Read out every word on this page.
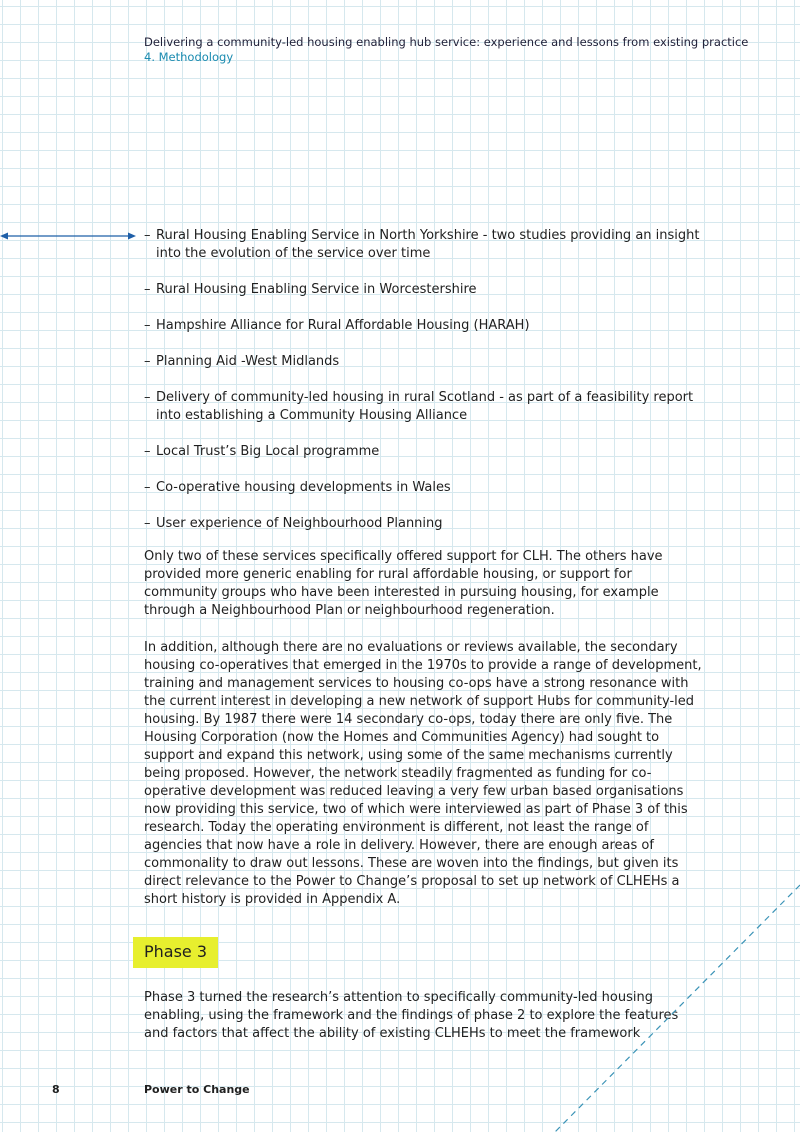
Delivering a community-led housing enabling hub service: experience and lessons from existing practice
4. Methodology
– Rural Housing Enabling Service in North Yorkshire - two studies providing an insight into the evolution of the service over time
– Rural Housing Enabling Service in Worcestershire
– Hampshire Alliance for Rural Affordable Housing (HARAH)
– Planning Aid -West Midlands
– Delivery of community-led housing in rural Scotland - as part of a feasibility report into establishing a Community Housing Alliance
– Local Trust’s Big Local programme
– Co-operative housing developments in Wales
– User experience of Neighbourhood Planning

Only two of these services specifically offered support for CLH. The others have provided more generic enabling for rural affordable housing, or support for community groups who have been interested in pursuing housing, for example through a Neighbourhood Plan or neighbourhood regeneration.

In addition, although there are no evaluations or reviews available, the secondary housing co-operatives that emerged in the 1970s to provide a range of development, training and management services to housing co-ops have a strong resonance with the current interest in developing a new network of support Hubs for community-led housing. By 1987 there were 14 secondary co-ops, today there are only five. The Housing Corporation (now the Homes and Communities Agency) had sought to support and expand this network, using some of the same mechanisms currently being proposed. However, the network steadily fragmented as funding for co-operative development was reduced leaving a very few urban based organisations now providing this service, two of which were interviewed as part of Phase 3 of this research. Today the operating environment is different, not least the range of agencies that now have a role in delivery. However, there are enough areas of commonality to draw out lessons. These are woven into the findings, but given its direct relevance to the Power to Change’s proposal to set up network of CLHEHs a short history is provided in Appendix A.

Phase 3

Phase 3 turned the research’s attention to specifically community-led housing enabling, using the framework and the findings of phase 2 to explore the features and factors that affect the ability of existing CLHEHs to meet the framework

8	Power to Change
